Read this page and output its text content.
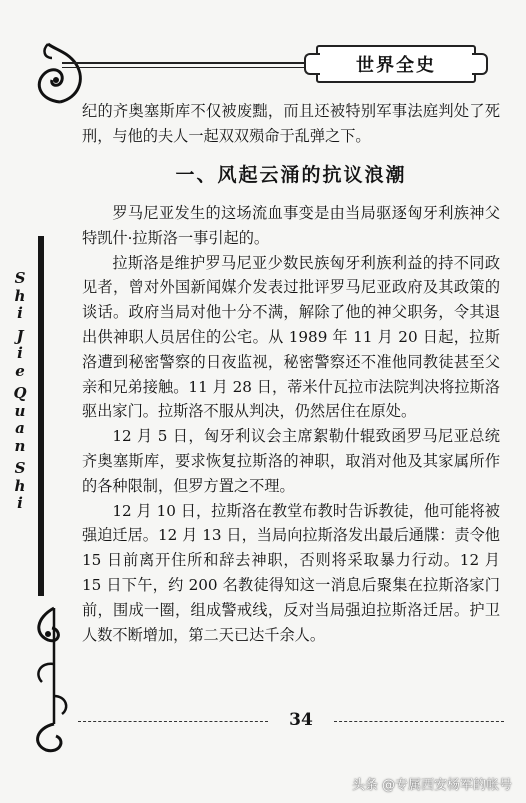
世界全史
S
h
i
J
i
e
Q
u
a
n
S
h
i

纪的齐奥塞斯库不仅被废黜，而且还被特别军事法庭判处了死刑，与他的夫人一起双双殒命于乱弹之下。

一、风起云涌的抗议浪潮

罗马尼亚发生的这场流血事变是由当局驱逐匈牙利族神父特凯什·拉斯洛一事引起的。

拉斯洛是维护罗马尼亚少数民族匈牙利族利益的持不同政见者，曾对外国新闻媒介发表过批评罗马尼亚政府及其政策的谈话。政府当局对他十分不满，解除了他的神父职务，令其退出供神职人员居住的公宅。从 1989 年 11 月 20 日起，拉斯洛遭到秘密警察的日夜监视，秘密警察还不准他同教徒甚至父亲和兄弟接触。11 月 28 日，蒂米什瓦拉市法院判决将拉斯洛驱出家门。拉斯洛不服从判决，仍然居住在原处。

12 月 5 日，匈牙利议会主席絮勒什辊致函罗马尼亚总统齐奥塞斯库，要求恢复拉斯洛的神职，取消对他及其家属所作的各种限制，但罗方置之不理。

12 月 10 日，拉斯洛在教堂布教时告诉教徒，他可能将被强迫迁居。12 月 13 日，当局向拉斯洛发出最后通牒：责令他 15 日前离开住所和辞去神职，否则将采取暴力行动。12 月 15 日下午，约 200 名教徒得知这一消息后聚集在拉斯洛家门前，围成一圈，组成警戒线，反对当局强迫拉斯洛迁居。护卫人数不断增加，第二天已达千余人。

34
头条 @专属西安杨军的帐号
